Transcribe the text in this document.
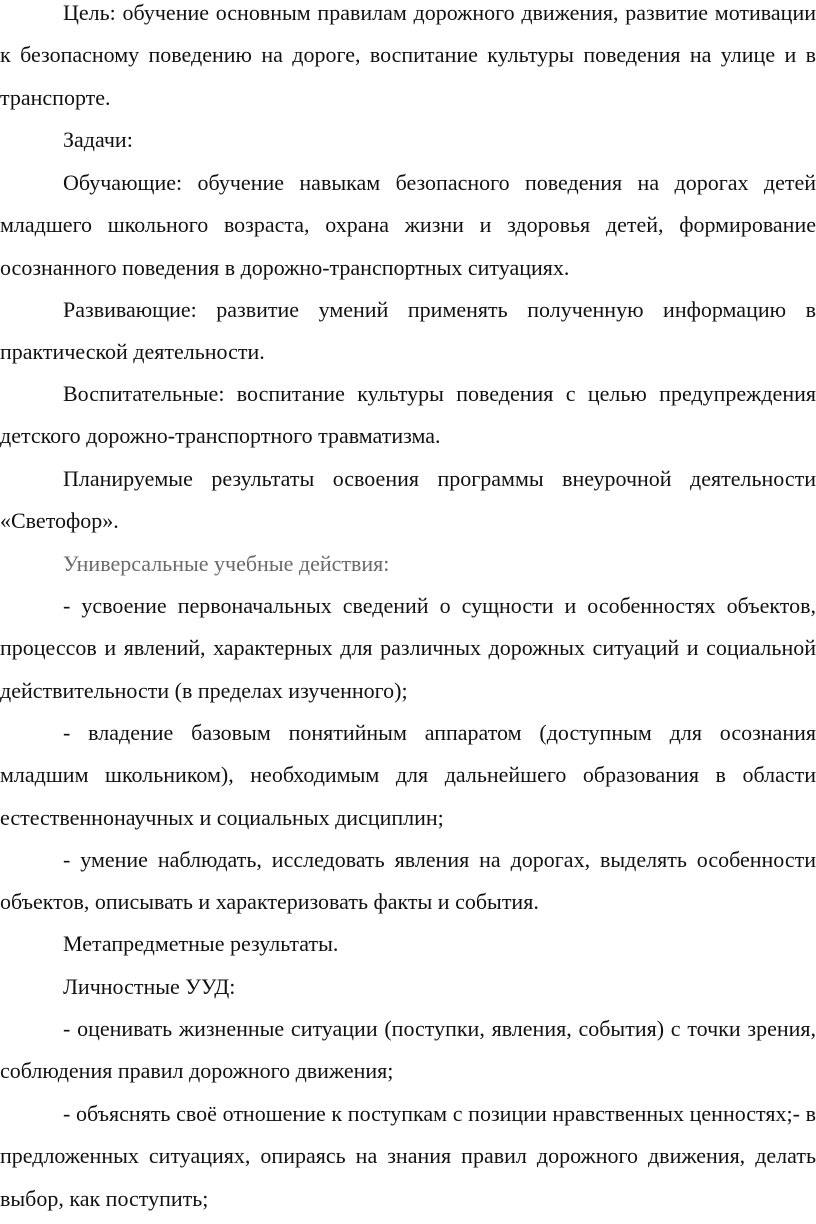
Цель: обучение основным правилам дорожного движения, развитие мотивации к безопасному поведению на дороге, воспитание культуры поведения на улице и в транспорте.

Задачи:

Обучающие: обучение навыкам безопасного поведения на дорогах детей младшего школьного возраста, охрана жизни и здоровья детей, формирование осознанного поведения в дорожно-транспортных ситуациях.

Развивающие: развитие умений применять полученную информацию в практической деятельности.

Воспитательные: воспитание культуры поведения с целью предупреждения детского дорожно-транспортного травматизма.

Планируемые результаты освоения программы внеурочной деятельности «Светофор».

Универсальные учебные действия:

- усвоение первоначальных сведений о сущности и особенностях объектов, процессов и явлений, характерных для различных дорожных ситуаций и социальной действительности (в пределах изученного);

- владение базовым понятийным аппаратом (доступным для осознания младшим школьником), необходимым для дальнейшего образования в области естественнонаучных и социальных дисциплин;

- умение наблюдать, исследовать явления на дорогах, выделять особенности объектов, описывать и характеризовать факты и события.

Метапредметные результаты.

Личностные УУД:

- оценивать жизненные ситуации (поступки, явления, события) с точки зрения, соблюдения правил дорожного движения;

- объяснять своё отношение к поступкам с позиции нравственных ценностях;- в предложенных ситуациях, опираясь на знания правил дорожного движения, делать выбор, как поступить;
